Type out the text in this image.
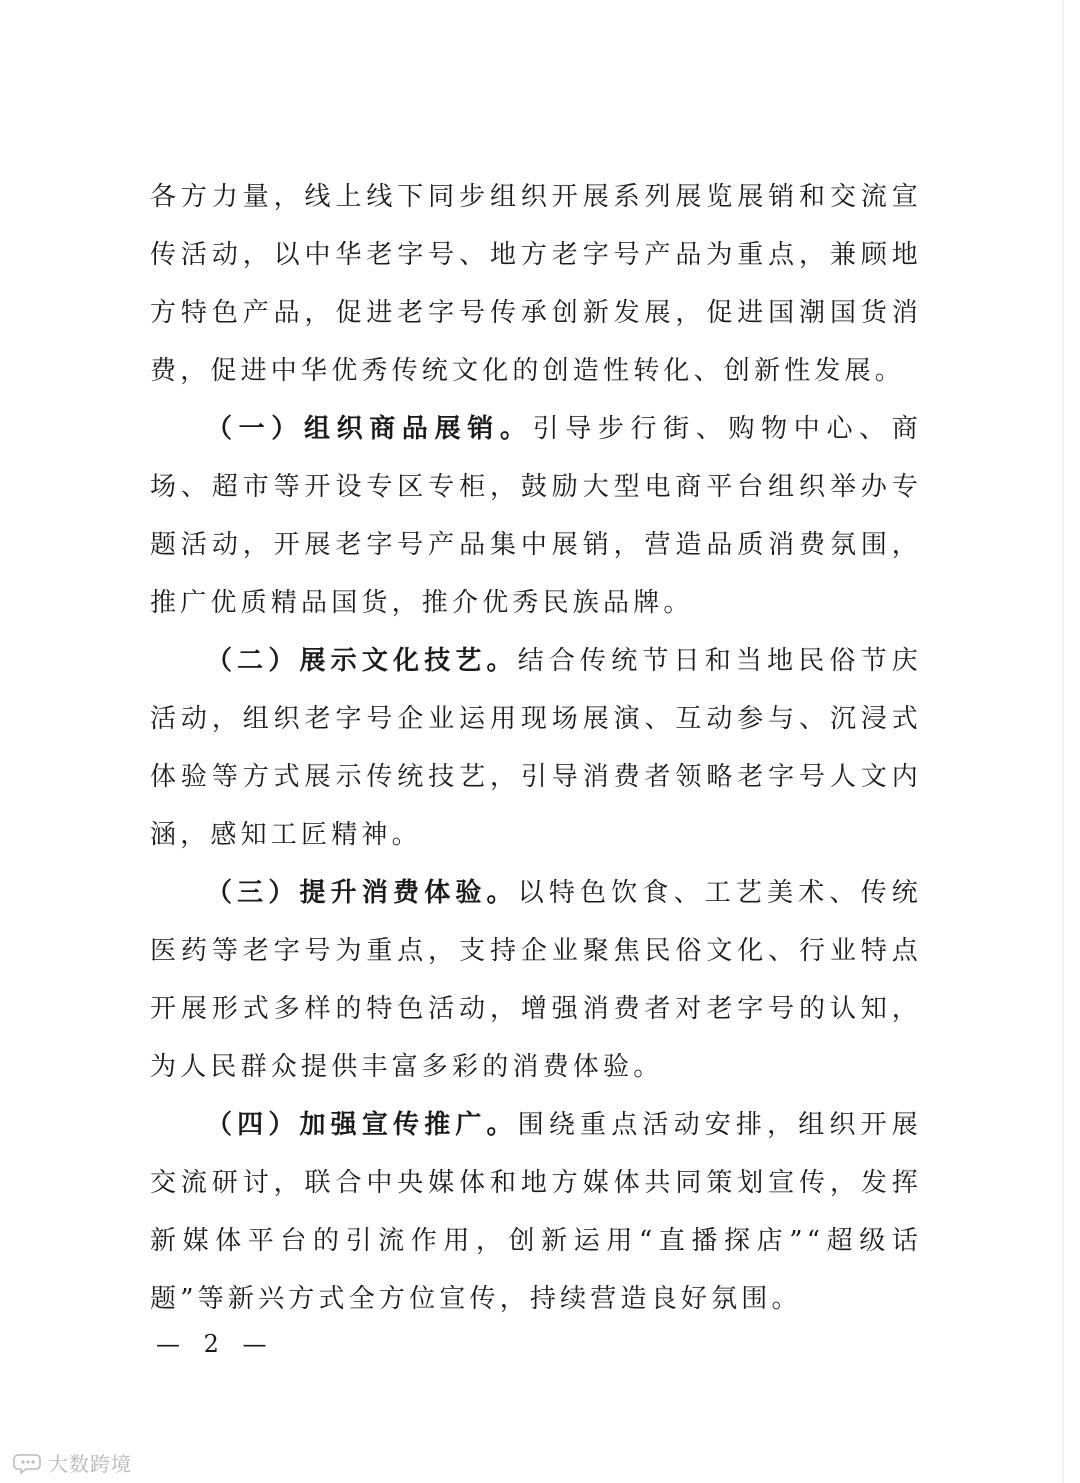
各方力量，线上线下同步组织开展系列展览展销和交流宣传活动，以中华老字号、地方老字号产品为重点，兼顾地方特色产品，促进老字号传承创新发展，促进国潮国货消费，促进中华优秀传统文化的创造性转化、创新性发展。

（一）组织商品展销。引导步行街、购物中心、商场、超市等开设专区专柜，鼓励大型电商平台组织举办专题活动，开展老字号产品集中展销，营造品质消费氛围，推广优质精品国货，推介优秀民族品牌。

（二）展示文化技艺。结合传统节日和当地民俗节庆活动，组织老字号企业运用现场展演、互动参与、沉浸式体验等方式展示传统技艺，引导消费者领略老字号人文内涵，感知工匠精神。

（三）提升消费体验。以特色饮食、工艺美术、传统医药等老字号为重点，支持企业聚焦民俗文化、行业特点开展形式多样的特色活动，增强消费者对老字号的认知，为人民群众提供丰富多彩的消费体验。

（四）加强宣传推广。围绕重点活动安排，组织开展交流研讨，联合中央媒体和地方媒体共同策划宣传，发挥新媒体平台的引流作用，创新运用“直播探店”“超级话题”等新兴方式全方位宣传，持续营造良好氛围。

— 2 —
大数跨境
